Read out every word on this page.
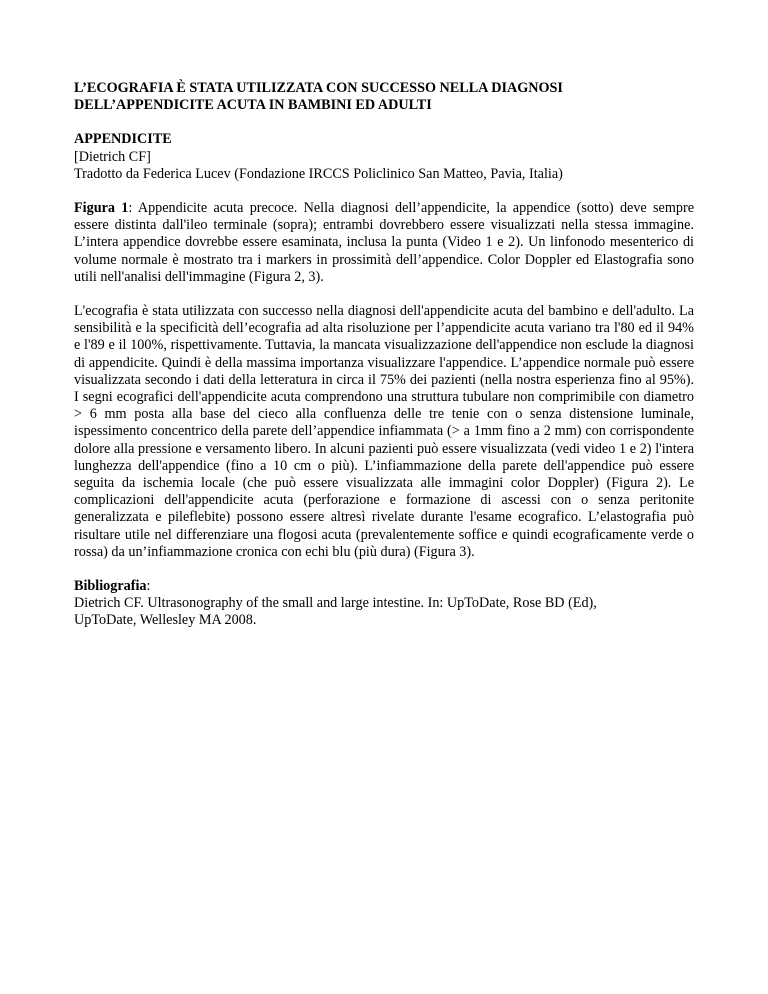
L’ECOGRAFIA È STATA UTILIZZATA CON SUCCESSO NELLA DIAGNOSI
DELL’APPENDICITE ACUTA IN BAMBINI ED ADULTI

APPENDICITE

[Dietrich CF]

Tradotto da Federica Lucev (Fondazione IRCCS Policlinico San Matteo, Pavia, Italia)

Figura 1: Appendicite acuta precoce. Nella diagnosi dell’appendicite, la appendice (sotto) deve sempre essere distinta dall'ileo terminale (sopra); entrambi dovrebbero essere visualizzati nella stessa immagine. L’intera appendice dovrebbe essere esaminata, inclusa la punta (Video 1 e 2). Un linfonodo mesenterico di volume normale è mostrato tra i markers in prossimità dell’appendice. Color Doppler ed Elastografia sono utili nell'analisi dell'immagine (Figura 2, 3).

L'ecografia è stata utilizzata con successo nella diagnosi dell'appendicite acuta del bambino e dell'adulto. La sensibilità e la specificità dell’ecografia ad alta risoluzione per l’appendicite acuta variano tra l'80 ed il 94% e l'89 e il 100%, rispettivamente. Tuttavia, la mancata visualizzazione dell'appendice non esclude la diagnosi di appendicite. Quindi è della massima importanza visualizzare l'appendice. L’appendice normale può essere visualizzata secondo i dati della letteratura in circa il 75% dei pazienti (nella nostra esperienza fino al 95%). I segni ecografici dell'appendicite acuta comprendono una struttura tubulare non comprimibile con diametro > 6 mm posta alla base del cieco alla confluenza delle tre tenie con o senza distensione luminale, ispessimento concentrico della parete dell’appendice infiammata (> a 1mm fino a 2 mm) con corrispondente dolore alla pressione e versamento libero. In alcuni pazienti può essere visualizzata (vedi video 1 e 2) l'intera lunghezza dell'appendice (fino a 10 cm o più). L’infiammazione della parete dell'appendice può essere seguita da ischemia locale (che può essere visualizzata alle immagini color Doppler) (Figura 2). Le complicazioni dell'appendicite acuta (perforazione e formazione di ascessi con o senza peritonite generalizzata e pileflebite) possono essere altresì rivelate durante l'esame ecografico. L’elastografia può risultare utile nel differenziare una flogosi acuta (prevalentemente soffice e quindi ecograficamente verde o rossa) da un’infiammazione cronica con echi blu (più dura) (Figura 3).

Bibliografia:

Dietrich CF. Ultrasonography of the small and large intestine. In: UpToDate, Rose BD (Ed),

UpToDate, Wellesley MA 2008.
